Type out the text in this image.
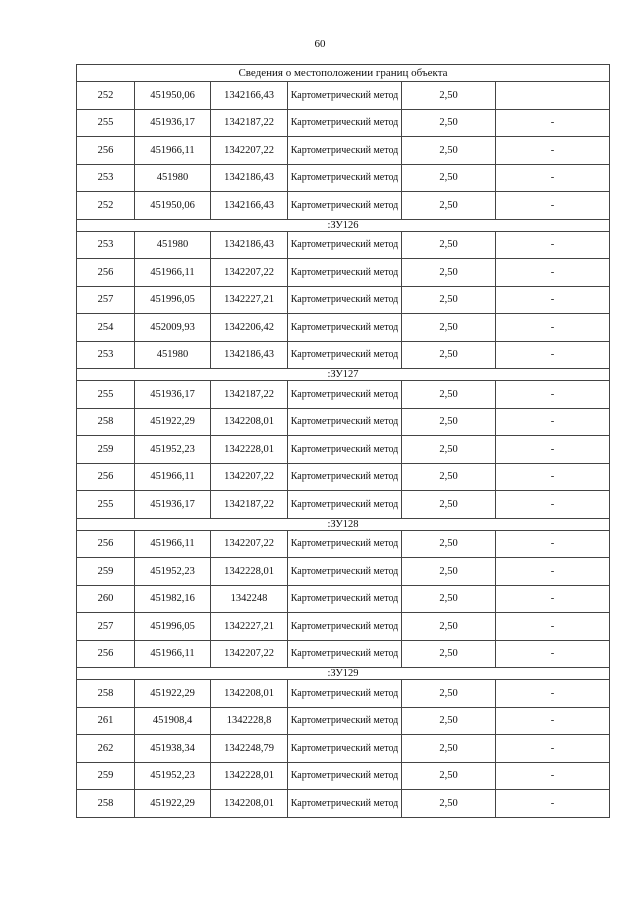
60
Сведения о местоположении границ объекта					
252	451950,06	1342166,43	Картометрический метод	2,50	
255	451936,17	1342187,22	Картометрический метод	2,50	-
256	451966,11	1342207,22	Картометрический метод	2,50	-
253	451980	1342186,43	Картометрический метод	2,50	-
252	451950,06	1342166,43	Картометрический метод	2,50	-
:ЗУ126					
253	451980	1342186,43	Картометрический метод	2,50	-
256	451966,11	1342207,22	Картометрический метод	2,50	-
257	451996,05	1342227,21	Картометрический метод	2,50	-
254	452009,93	1342206,42	Картометрический метод	2,50	-
253	451980	1342186,43	Картометрический метод	2,50	-
:ЗУ127					
255	451936,17	1342187,22	Картометрический метод	2,50	-
258	451922,29	1342208,01	Картометрический метод	2,50	-
259	451952,23	1342228,01	Картометрический метод	2,50	-
256	451966,11	1342207,22	Картометрический метод	2,50	-
255	451936,17	1342187,22	Картометрический метод	2,50	-
:ЗУ128					
256	451966,11	1342207,22	Картометрический метод	2,50	-
259	451952,23	1342228,01	Картометрический метод	2,50	-
260	451982,16	1342248	Картометрический метод	2,50	-
257	451996,05	1342227,21	Картометрический метод	2,50	-
256	451966,11	1342207,22	Картометрический метод	2,50	-
:ЗУ129					
258	451922,29	1342208,01	Картометрический метод	2,50	-
261	451908,4	1342228,8	Картометрический метод	2,50	-
262	451938,34	1342248,79	Картометрический метод	2,50	-
259	451952,23	1342228,01	Картометрический метод	2,50	-
258	451922,29	1342208,01	Картометрический метод	2,50	-
